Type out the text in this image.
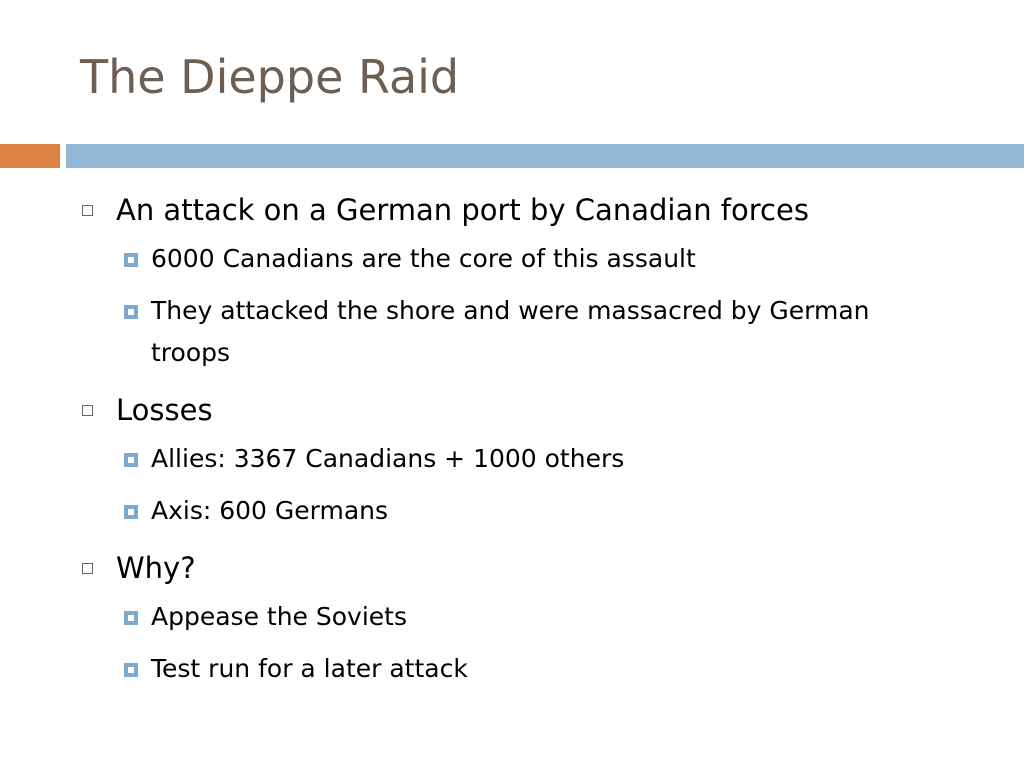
The Dieppe Raid
An attack on a German port by Canadian forces
6000 Canadians are the core of this assault
They attacked the shore and were massacred by German troops
Losses
Allies: 3367 Canadians + 1000 others
Axis: 600 Germans
Why?
Appease the Soviets
Test run for a later attack
